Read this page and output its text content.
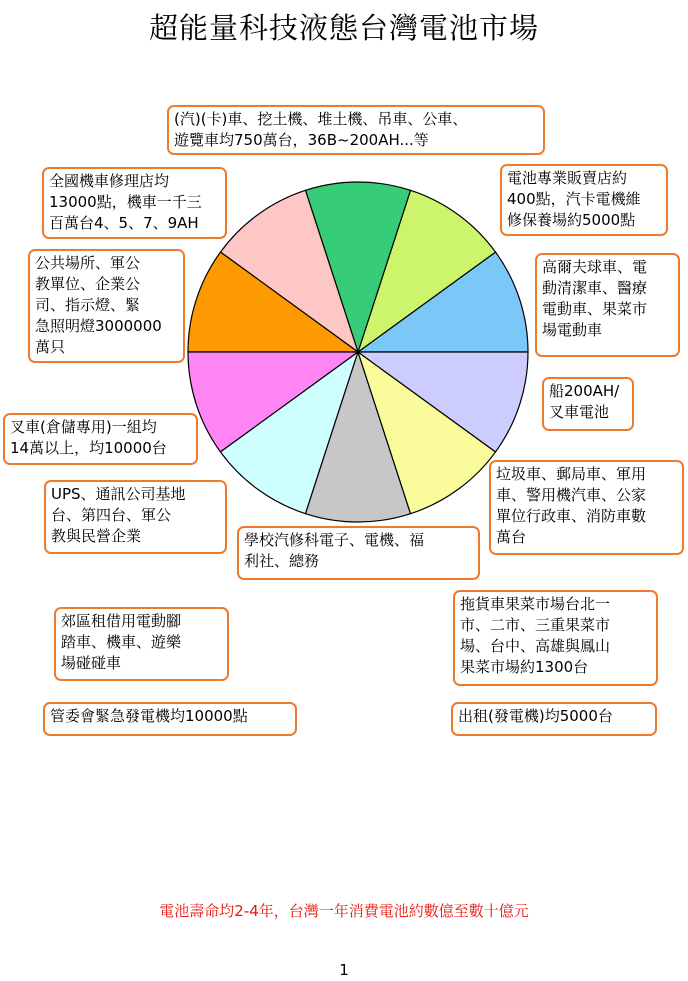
超能量科技液態台灣電池市場
(汽)(卡)車、挖土機、堆土機、吊車、公車、
遊覽車均750萬台，36B~200AH...等
全國機車修理店均
13000點，機車一千三
百萬台4、5、7、9AH
電池專業販賣店約
400點，汽卡電機維
修保養場約5000點
公共場所、軍公
教單位、企業公
司、指示燈、緊
急照明燈3000000
萬只
高爾夫球車、電
動清潔車、醫療
電動車、果菜市
場電動車
船200AH/
叉車電池
叉車(倉儲專用)一組均
14萬以上，均10000台
UPS、通訊公司基地
台、第四台、軍公
教與民營企業
垃圾車、郵局車、軍用
車、警用機汽車、公家
單位行政車、消防車數
萬台
學校汽修科電子、電機、福
利社、總務
郊區租借用電動腳
踏車、機車、遊樂
場碰碰車
拖貨車果菜市場台北一
市、二市、三重果菜市
場、台中、高雄與鳳山
果菜市場約1300台
管委會緊急發電機均10000點	出租(發電機)均5000台
電池壽命均2-4年，台灣一年消費電池約數億至數十億元
1
